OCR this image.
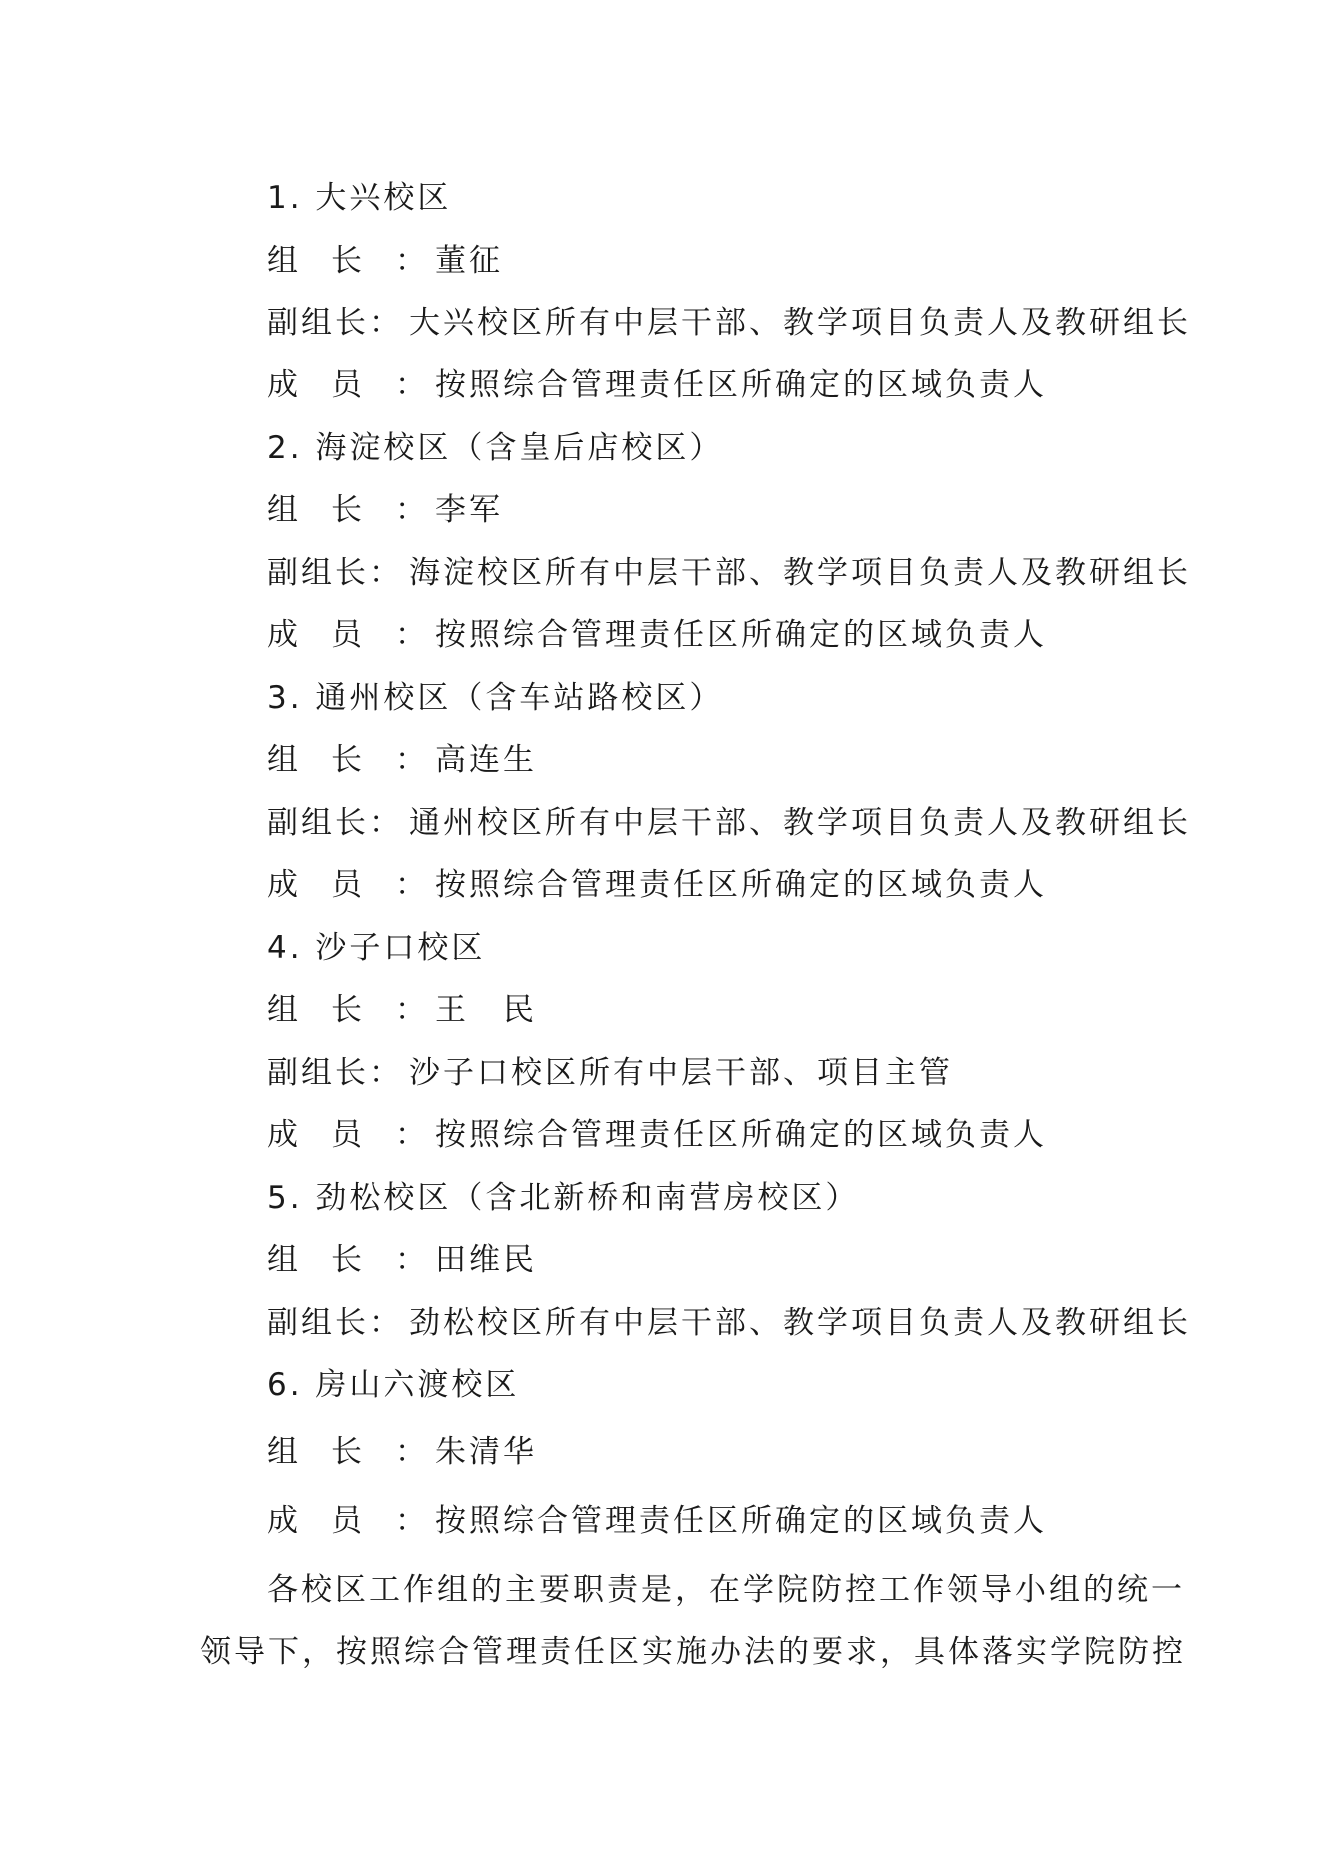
1. 大兴校区
组长： 董征
副组长： 大兴校区所有中层干部、教学项目负责人及教研组长
成员： 按照综合管理责任区所确定的区域负责人
2. 海淀校区（含皇后店校区）
组长： 李军
副组长： 海淀校区所有中层干部、教学项目负责人及教研组长
成员： 按照综合管理责任区所确定的区域负责人
3. 通州校区（含车站路校区）
组长： 高连生
副组长： 通州校区所有中层干部、教学项目负责人及教研组长
成员： 按照综合管理责任区所确定的区域负责人
4. 沙子口校区
组长： 王　民
副组长： 沙子口校区所有中层干部、项目主管
成员： 按照综合管理责任区所确定的区域负责人
5. 劲松校区（含北新桥和南营房校区）
组长： 田维民
副组长： 劲松校区所有中层干部、教学项目负责人及教研组长
6. 房山六渡校区
组长： 朱清华
成员： 按照综合管理责任区所确定的区域负责人
各校区工作组的主要职责是，在学院防控工作领导小组的统一
领导下，按照综合管理责任区实施办法的要求，具体落实学院防控
